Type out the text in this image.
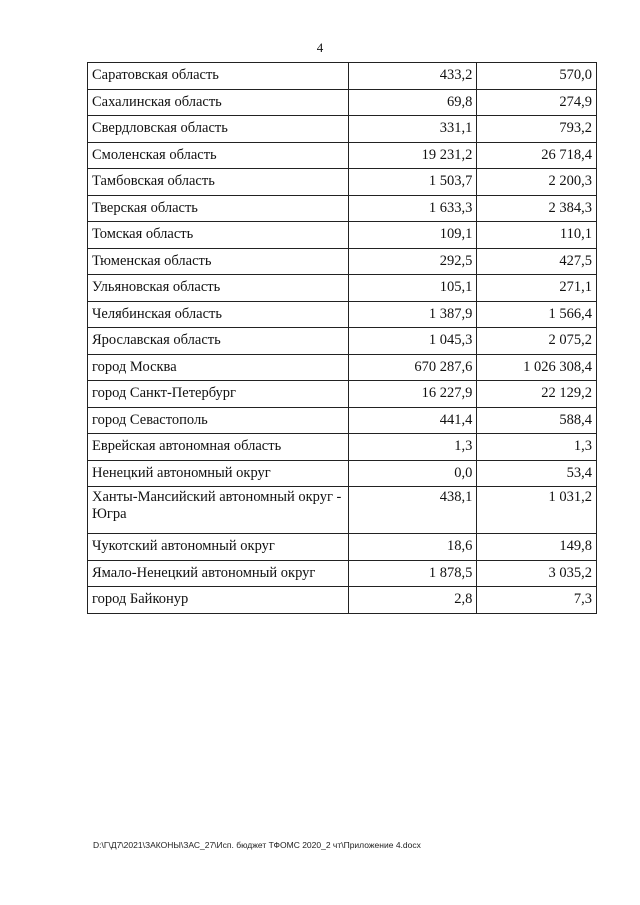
4
Саратовская область	433,2	570,0
Сахалинская область	69,8	274,9
Свердловская область	331,1	793,2
Смоленская область	19 231,2	26 718,4
Тамбовская область	1 503,7	2 200,3
Тверская область	1 633,3	2 384,3
Томская область	109,1	110,1
Тюменская область	292,5	427,5
Ульяновская область	105,1	271,1
Челябинская область	1 387,9	1 566,4
Ярославская область	1 045,3	2 075,2
город Москва	670 287,6	1 026 308,4
город Санкт-Петербург	16 227,9	22 129,2
город Севастополь	441,4	588,4
Еврейская автономная область	1,3	1,3
Ненецкий автономный округ	0,0	53,4
Ханты-Мансийский автономный округ - Югра	438,1	1 031,2
Чукотский автономный округ	18,6	149,8
Ямало-Ненецкий автономный округ	1 878,5	3 035,2
город Байконур	2,8	7,3
D:\Г\Д7\2021\ЗАКОНЫ\ЗАС_27\Исп. бюджет ТФОМС 2020_2 чт\Приложение 4.docx
